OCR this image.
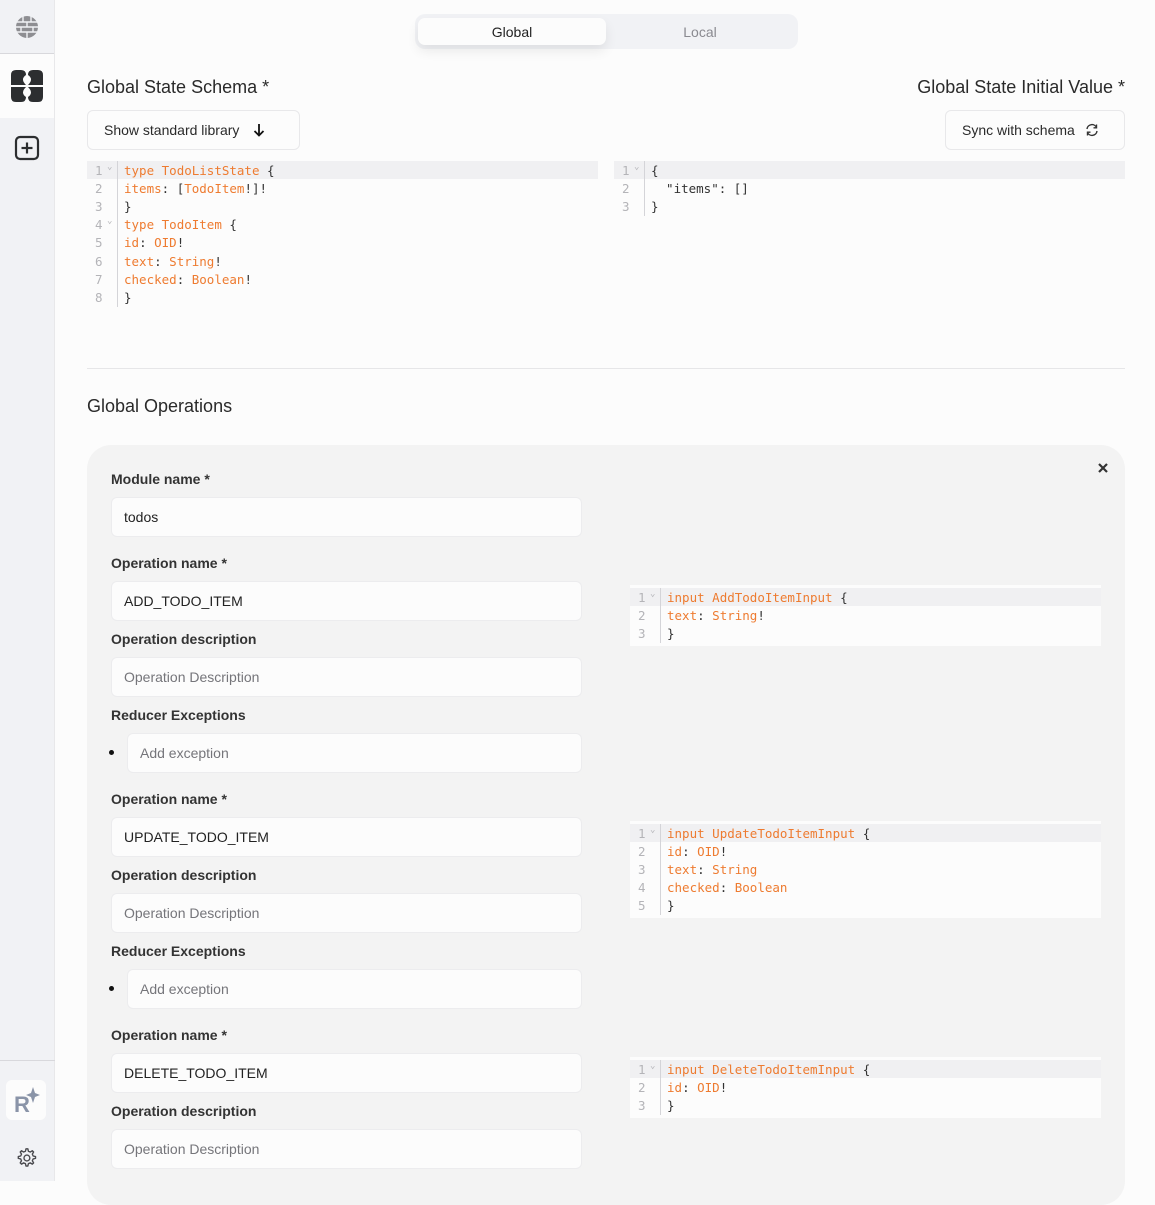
R
Global	Local
Global State Schema *
Show standard library
1 ⌄ type
TodoListState
{
2	items : [ TodoItem !]!
3	}
4 ⌄ type
TodoItem
{
5	id : OID !
6	text : String !
7	checked : Boolean !
8	}
Global State Initial Value *
Sync with schema
1 ⌄ {
2	"items": []
3	}
Global Operations
Module name *
todos
Operation name *
ADD_TODO_ITEM
Operation description
Operation Description
Reducer Exceptions
Add exception
1 ⌄ input
AddTodoItemInput
{
2	text : String !
3	}
Operation name *
UPDATE_TODO_ITEM
Operation description
Operation Description
Reducer Exceptions
Add exception
1 ⌄ input
UpdateTodoItemInput
{
2	id : OID !
3	text : String
4	checked : Boolean
5	}
Operation name *
DELETE_TODO_ITEM
Operation description
Operation Description
1 ⌄ input
DeleteTodoItemInput
{
2	id : OID !
3	}
